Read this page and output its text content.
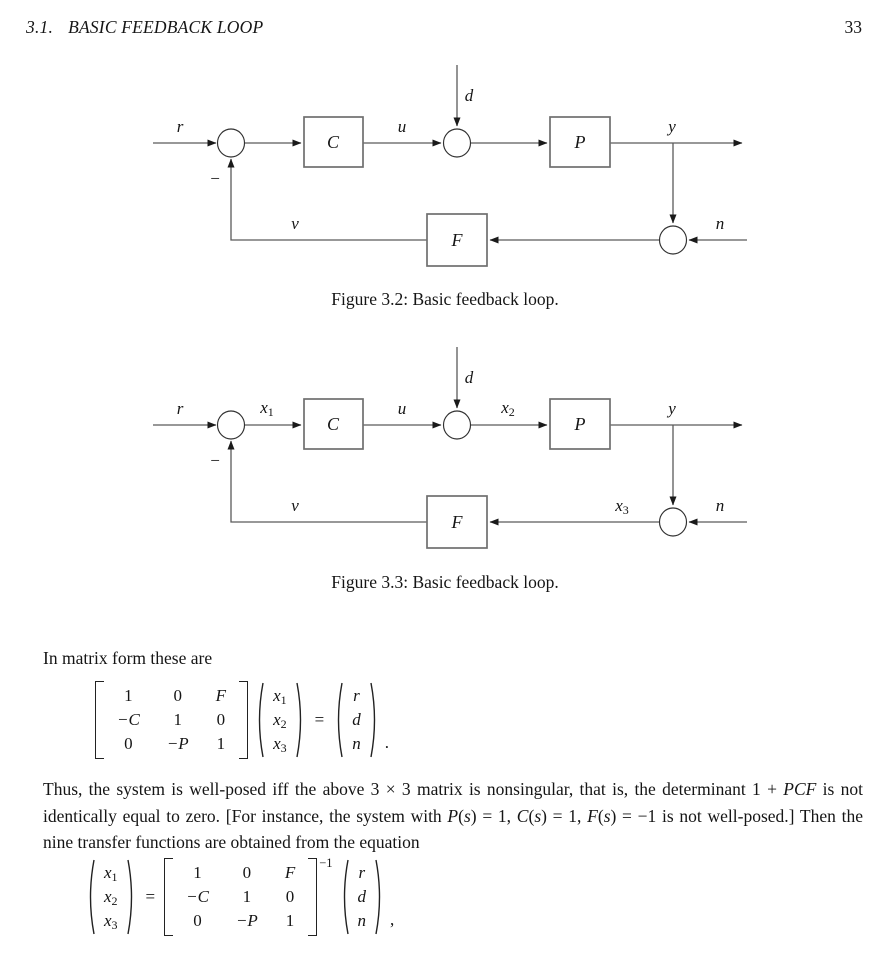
3.1. BASIC FEEDBACK LOOP	33
C	P
F
r	u
d
y
n
v
−
Figure 3.2: Basic feedback loop.
C	P
F
r	x1	u
d
x2	y
x3	n
v
−
Figure 3.3: Basic feedback loop.
In matrix form these are
1 0 F
−C 1 0
0 −P 1
$x_1$
$x_2$
$x_3$
=
r
d
n .
Thus, the system is well-posed iff the above 3 × 3 matrix is nonsingular, that is, the determinant 1 + PCF is not identically equal to zero. [For instance, the system with P(s) = 1, C(s) = 1, F(s) = −1 is not well-posed.] Then the nine transfer functions are obtained from the equation
$x_1$
$x_2$
$x_3$
=
1 0 F
−C 1 0
0 −P 1
−1 r
d
n ,
